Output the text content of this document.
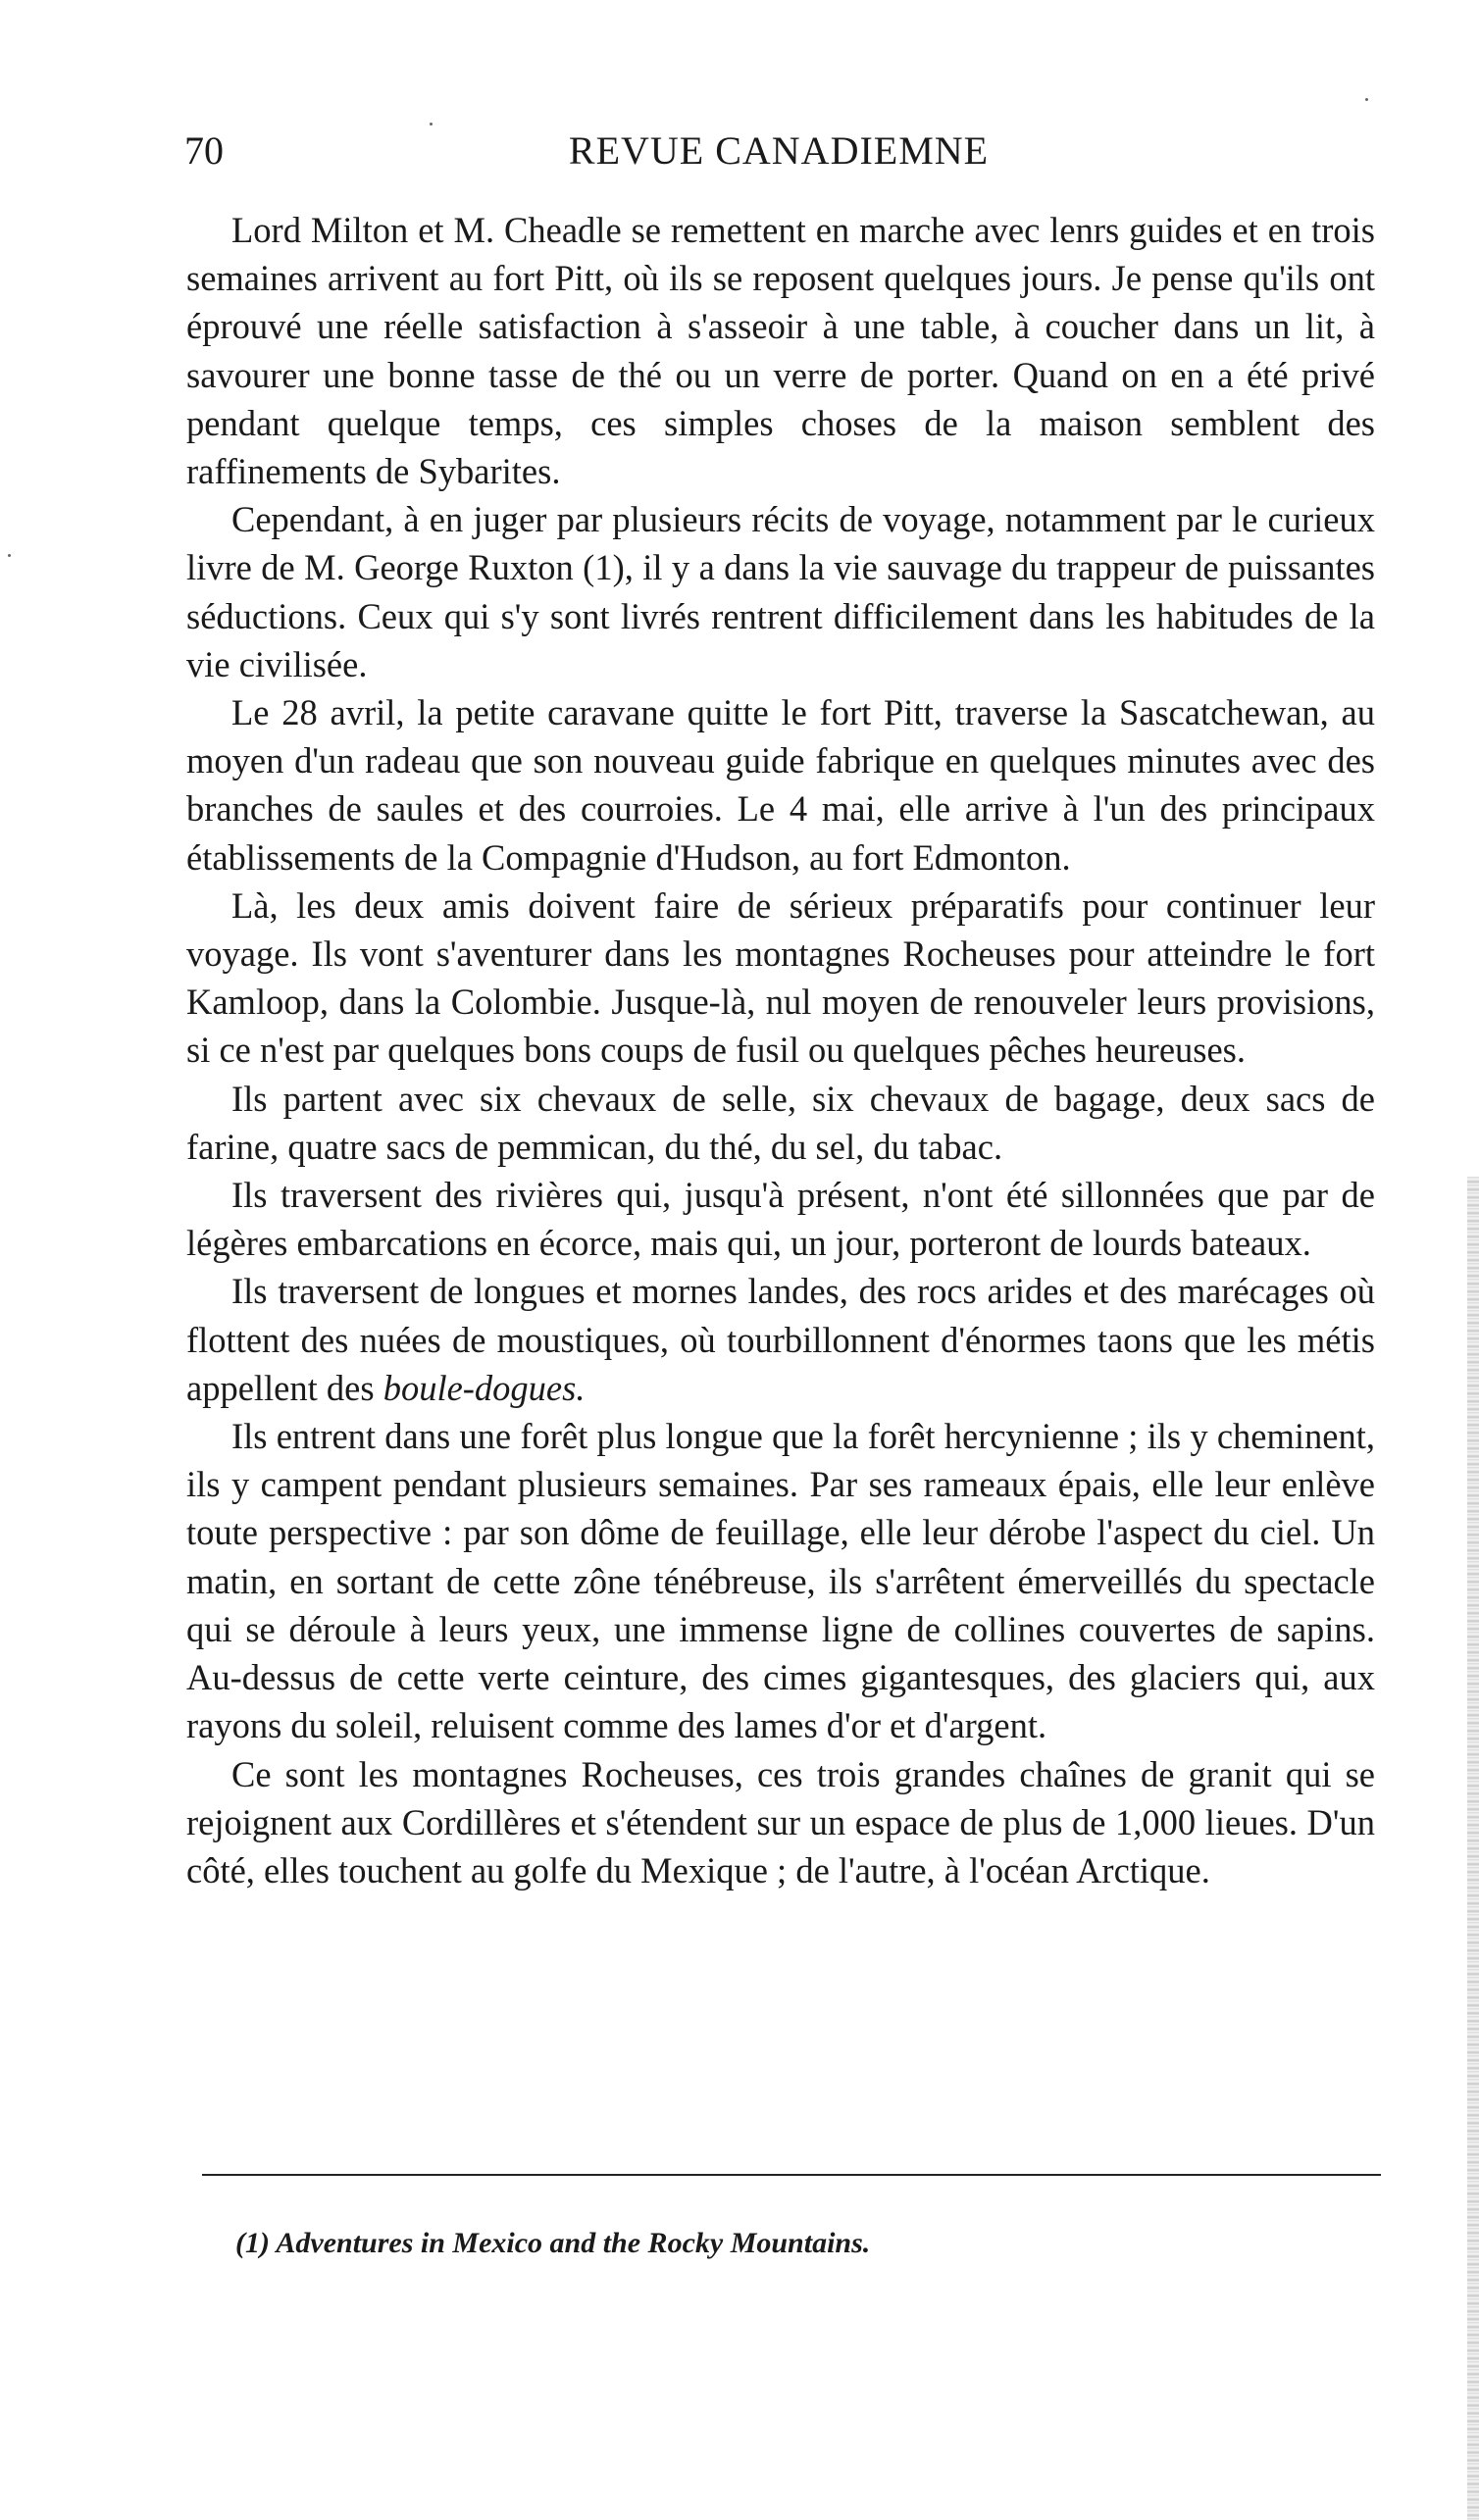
70	REVUE CANADIEMNE

Lord Milton et M. Cheadle se remettent en marche avec lenrs guides et en trois semaines arrivent au fort Pitt, où ils se reposent quelques jours. Je pense qu'ils ont éprouvé une réelle satisfaction à s'asseoir à une table, à coucher dans un lit, à savourer une bonne tasse de thé ou un verre de porter. Quand on en a été privé pendant quelque temps, ces simples choses de la maison semblent des raffinements de Sybarites.

Cependant, à en juger par plusieurs récits de voyage, notamment par le curieux livre de M. George Ruxton (1), il y a dans la vie sauvage du trappeur de puissantes séductions. Ceux qui s'y sont livrés rentrent difficilement dans les habitudes de la vie civilisée.

Le 28 avril, la petite caravane quitte le fort Pitt, traverse la Sascatchewan, au moyen d'un radeau que son nouveau guide fabrique en quelques minutes avec des branches de saules et des courroies. Le 4 mai, elle arrive à l'un des principaux établissements de la Compagnie d'Hudson, au fort Edmonton.

Là, les deux amis doivent faire de sérieux préparatifs pour continuer leur voyage. Ils vont s'aventurer dans les montagnes Rocheuses pour atteindre le fort Kamloop, dans la Colombie. Jusque-là, nul moyen de renouveler leurs provisions, si ce n'est par quelques bons coups de fusil ou quelques pêches heureuses.

Ils partent avec six chevaux de selle, six chevaux de bagage, deux sacs de farine, quatre sacs de pemmican, du thé, du sel, du tabac.

Ils traversent des rivières qui, jusqu'à présent, n'ont été sillonnées que par de légères embarcations en écorce, mais qui, un jour, porteront de lourds bateaux.

Ils traversent de longues et mornes landes, des rocs arides et des marécages où flottent des nuées de moustiques, où tourbillonnent d'énormes taons que les métis appellent des boule-dogues.

Ils entrent dans une forêt plus longue que la forêt hercynienne ; ils y cheminent, ils y campent pendant plusieurs semaines. Par ses rameaux épais, elle leur enlève toute perspective : par son dôme de feuillage, elle leur dérobe l'aspect du ciel. Un matin, en sortant de cette zône ténébreuse, ils s'arrêtent émerveillés du spectacle qui se déroule à leurs yeux, une immense ligne de collines couvertes de sapins. Au-dessus de cette verte ceinture, des cimes gigantesques, des glaciers qui, aux rayons du soleil, reluisent comme des lames d'or et d'argent.

Ce sont les montagnes Rocheuses, ces trois grandes chaînes de granit qui se rejoignent aux Cordillères et s'étendent sur un espace de plus de 1,000 lieues. D'un côté, elles touchent au golfe du Mexique ; de l'autre, à l'océan Arctique.

(1) Adventures in Mexico and the Rocky Mountains.
